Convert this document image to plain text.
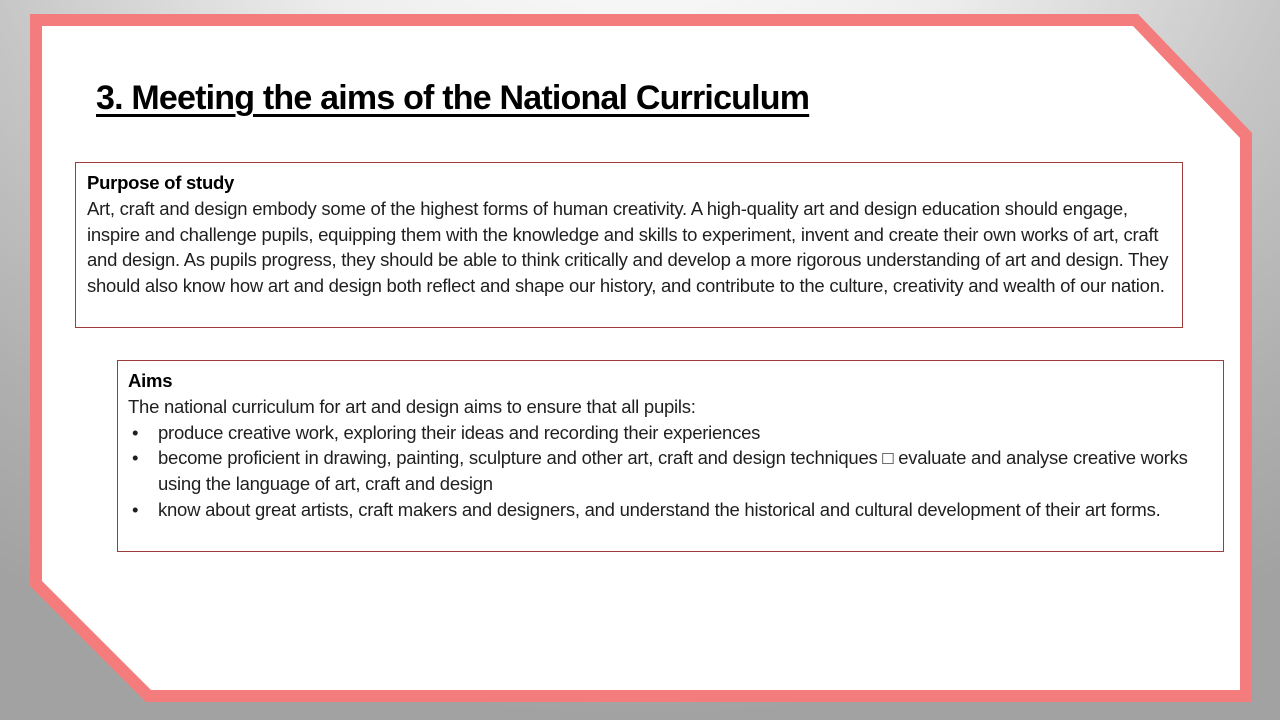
3. Meeting the aims of the National Curriculum
Purpose of study
Art, craft and design embody some of the highest forms of human creativity. A high-quality art and design education should engage, inspire and challenge pupils, equipping them with the knowledge and skills to experiment, invent and create their own works of art, craft and design. As pupils progress, they should be able to think critically and develop a more rigorous understanding of art and design. They should also know how art and design both reflect and shape our history, and contribute to the culture, creativity and wealth of our nation.
Aims
The national curriculum for art and design aims to ensure that all pupils:
•	produce creative work, exploring their ideas and recording their experiences
•	become proficient in drawing, painting, sculpture and other art, craft and design techniques □ evaluate and analyse creative works using the language of art, craft and design
•	know about great artists, craft makers and designers, and understand the historical and cultural development of their art forms.
